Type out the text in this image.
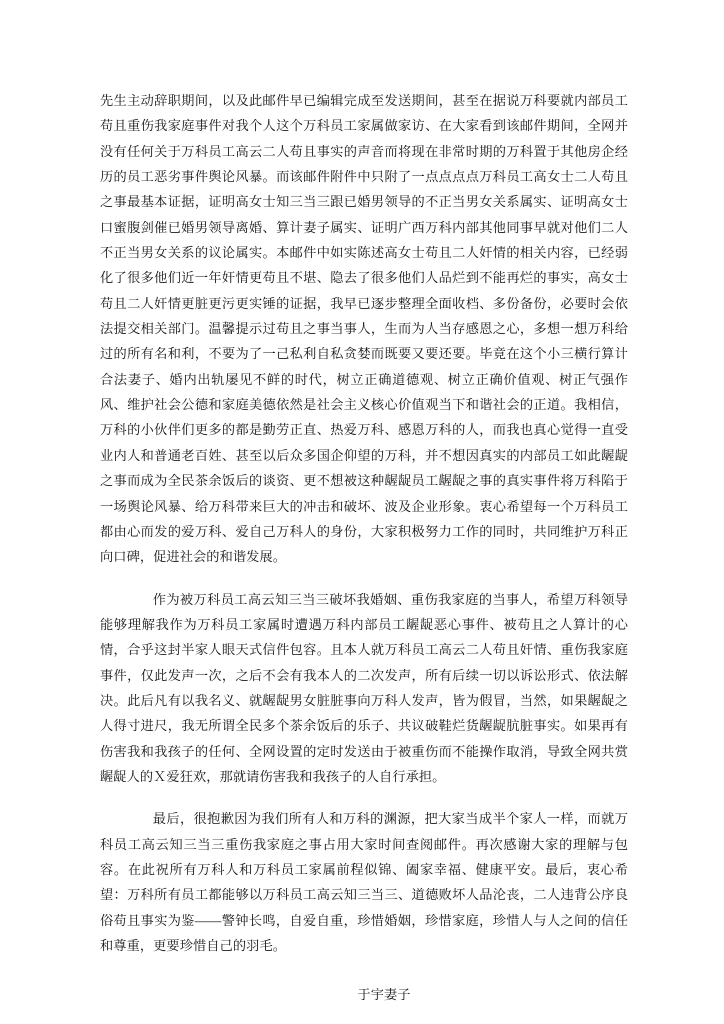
先生主动辞职期间，以及此邮件早已编辑完成至发送期间，甚至在据说万科要就内部员工苟且重伤我家庭事件对我个人这个万科员工家属做家访、在大家看到该邮件期间，全网并没有任何关于万科员工高云二人苟且事实的声音而将现在非常时期的万科置于其他房企经历的员工恶劣事件舆论风暴。而该邮件附件中只附了一点点点点万科员工高女士二人苟且之事最基本证据，证明高女士知三当三跟已婚男领导的不正当男女关系属实、证明高女士口蜜腹剑催已婚男领导离婚、算计妻子属实、证明广西万科内部其他同事早就对他们二人不正当男女关系的议论属实。本邮件中如实陈述高女士苟且二人奸情的相关内容，已经弱化了很多他们近一年奸情更苟且不堪、隐去了很多他们人品烂到不能再烂的事实，高女士苟且二人奸情更脏更污更实锤的证据，我早已逐步整理全面收档、多份备份，必要时会依法提交相关部门。温馨提示过苟且之事当事人，生而为人当存感恩之心，多想一想万科给过的所有名和利，不要为了一己私利自私贪婪而既要又要还要。毕竟在这个小三横行算计合法妻子、婚内出轨屡见不鲜的时代，树立正确道德观、树立正确价值观、树正气强作风、维护社会公德和家庭美德依然是社会主义核心价值观当下和谐社会的正道。我相信，万科的小伙伴们更多的都是勤劳正直、热爱万科、感恩万科的人，而我也真心觉得一直受业内人和普通老百姓、甚至以后众多国企仰望的万科，并不想因真实的内部员工如此龌龊之事而成为全民茶余饭后的谈资、更不想被这种龌龊员工龌龊之事的真实事件将万科陷于一场舆论风暴、给万科带来巨大的冲击和破坏、波及企业形象。衷心希望每一个万科员工都由心而发的爱万科、爱自己万科人的身份，大家积极努力工作的同时，共同维护万科正向口碑，促进社会的和谐发展。

作为被万科员工高云知三当三破坏我婚姻、重伤我家庭的当事人，希望万科领导能够理解我作为万科员工家属时遭遇万科内部员工龌龊恶心事件、被苟且之人算计的心情，合乎这封半家人眼天式信件包容。且本人就万科员工高云二人苟且奸情、重伤我家庭事件，仅此发声一次，之后不会有我本人的二次发声，所有后续一切以诉讼形式、依法解决。此后凡有以我名义、就龌龊男女脏脏事向万科人发声，皆为假冒，当然，如果龌龊之人得寸进尺，我无所谓全民多个茶余饭后的乐子、共议破鞋烂货龌龊肮脏事实。如果再有伤害我和我孩子的任何、全网设置的定时发送由于被重伤而不能操作取消，导致全网共赏龌龊人的Ｘ爱狂欢，那就请伤害我和我孩子的人自行承担。

最后，很抱歉因为我们所有人和万科的渊源，把大家当成半个家人一样，而就万科员工高云知三当三重伤我家庭之事占用大家时间查阅邮件。再次感谢大家的理解与包容。在此祝所有万科人和万科员工家属前程似锦、阖家幸福、健康平安。最后，衷心希望：万科所有员工都能够以万科员工高云知三当三、道德败坏人品沦丧，二人违背公序良俗苟且事实为鉴——警钟长鸣，自爱自重，珍惜婚姻，珍惜家庭，珍惜人与人之间的信任和尊重，更要珍惜自己的羽毛。

于宇妻子
